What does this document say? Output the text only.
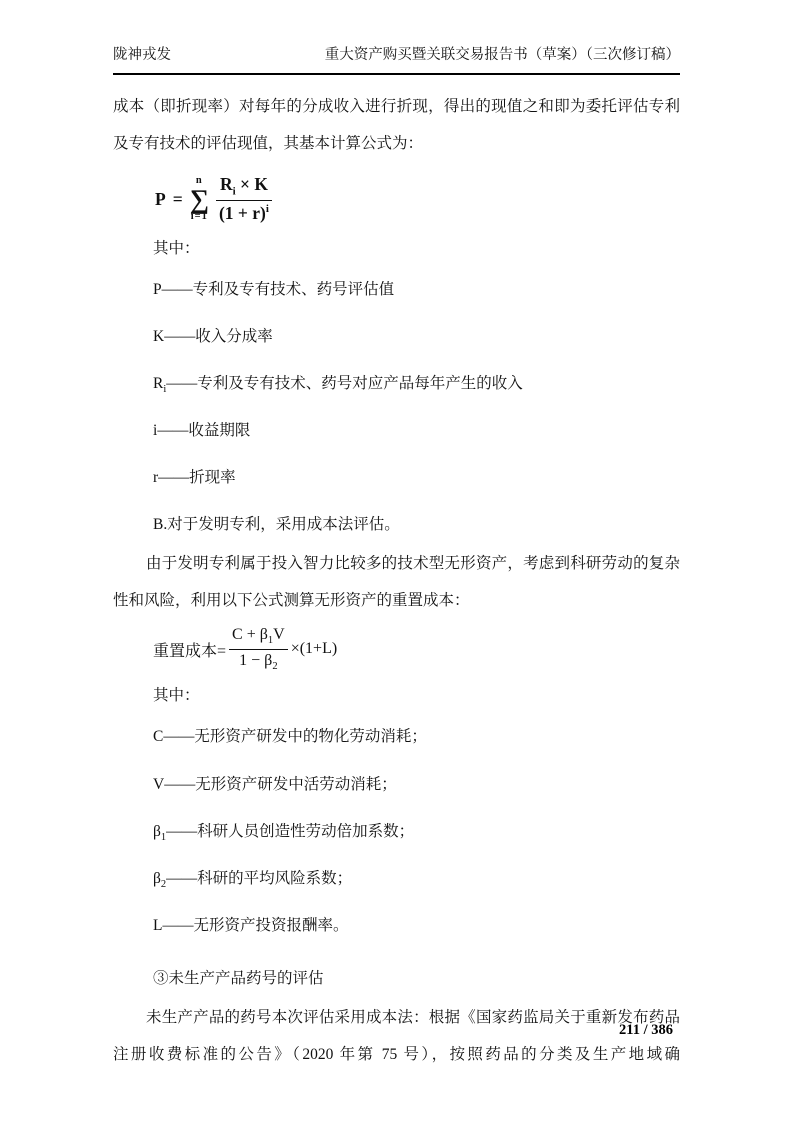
陇神戎发	重大资产购买暨关联交易报告书（草案）（三次修订稿）

成本（即折现率）对每年的分成收入进行折现，得出的现值之和即为委托评估专利及专有技术的评估现值，其基本计算公式为：

P =
n
∑
$i=1 \frac{R_i \times K}{(1 + r)^i}$

其中：

P——专利及专有技术、药号评估值

K——收入分成率

$R_i——$专利及专有技术、药号对应产品每年产生的收入

i——收益期限

r——折现率

B.对于发明专利，采用成本法评估。

由于发明专利属于投入智力比较多的技术型无形资产，考虑到科研劳动的复杂性和风险，利用以下公式测算无形资产的重置成本：

重置成本= $\frac{C + \beta_1V}{1 - \beta_2} \times(1+L)$

其中：

C——无形资产研发中的物化劳动消耗；

V——无形资产研发中活劳动消耗；

$\beta_1——$科研人员创造性劳动倍加系数；

$\beta_2——$科研的平均风险系数；

L——无形资产投资报酬率。

③未生产产品药号的评估

未生产产品的药号本次评估采用成本法：根据《国家药监局关于重新发布药品注册收费标准的公告》（2020 年第 75 号），按照药品的分类及生产地域确

211 / 386
